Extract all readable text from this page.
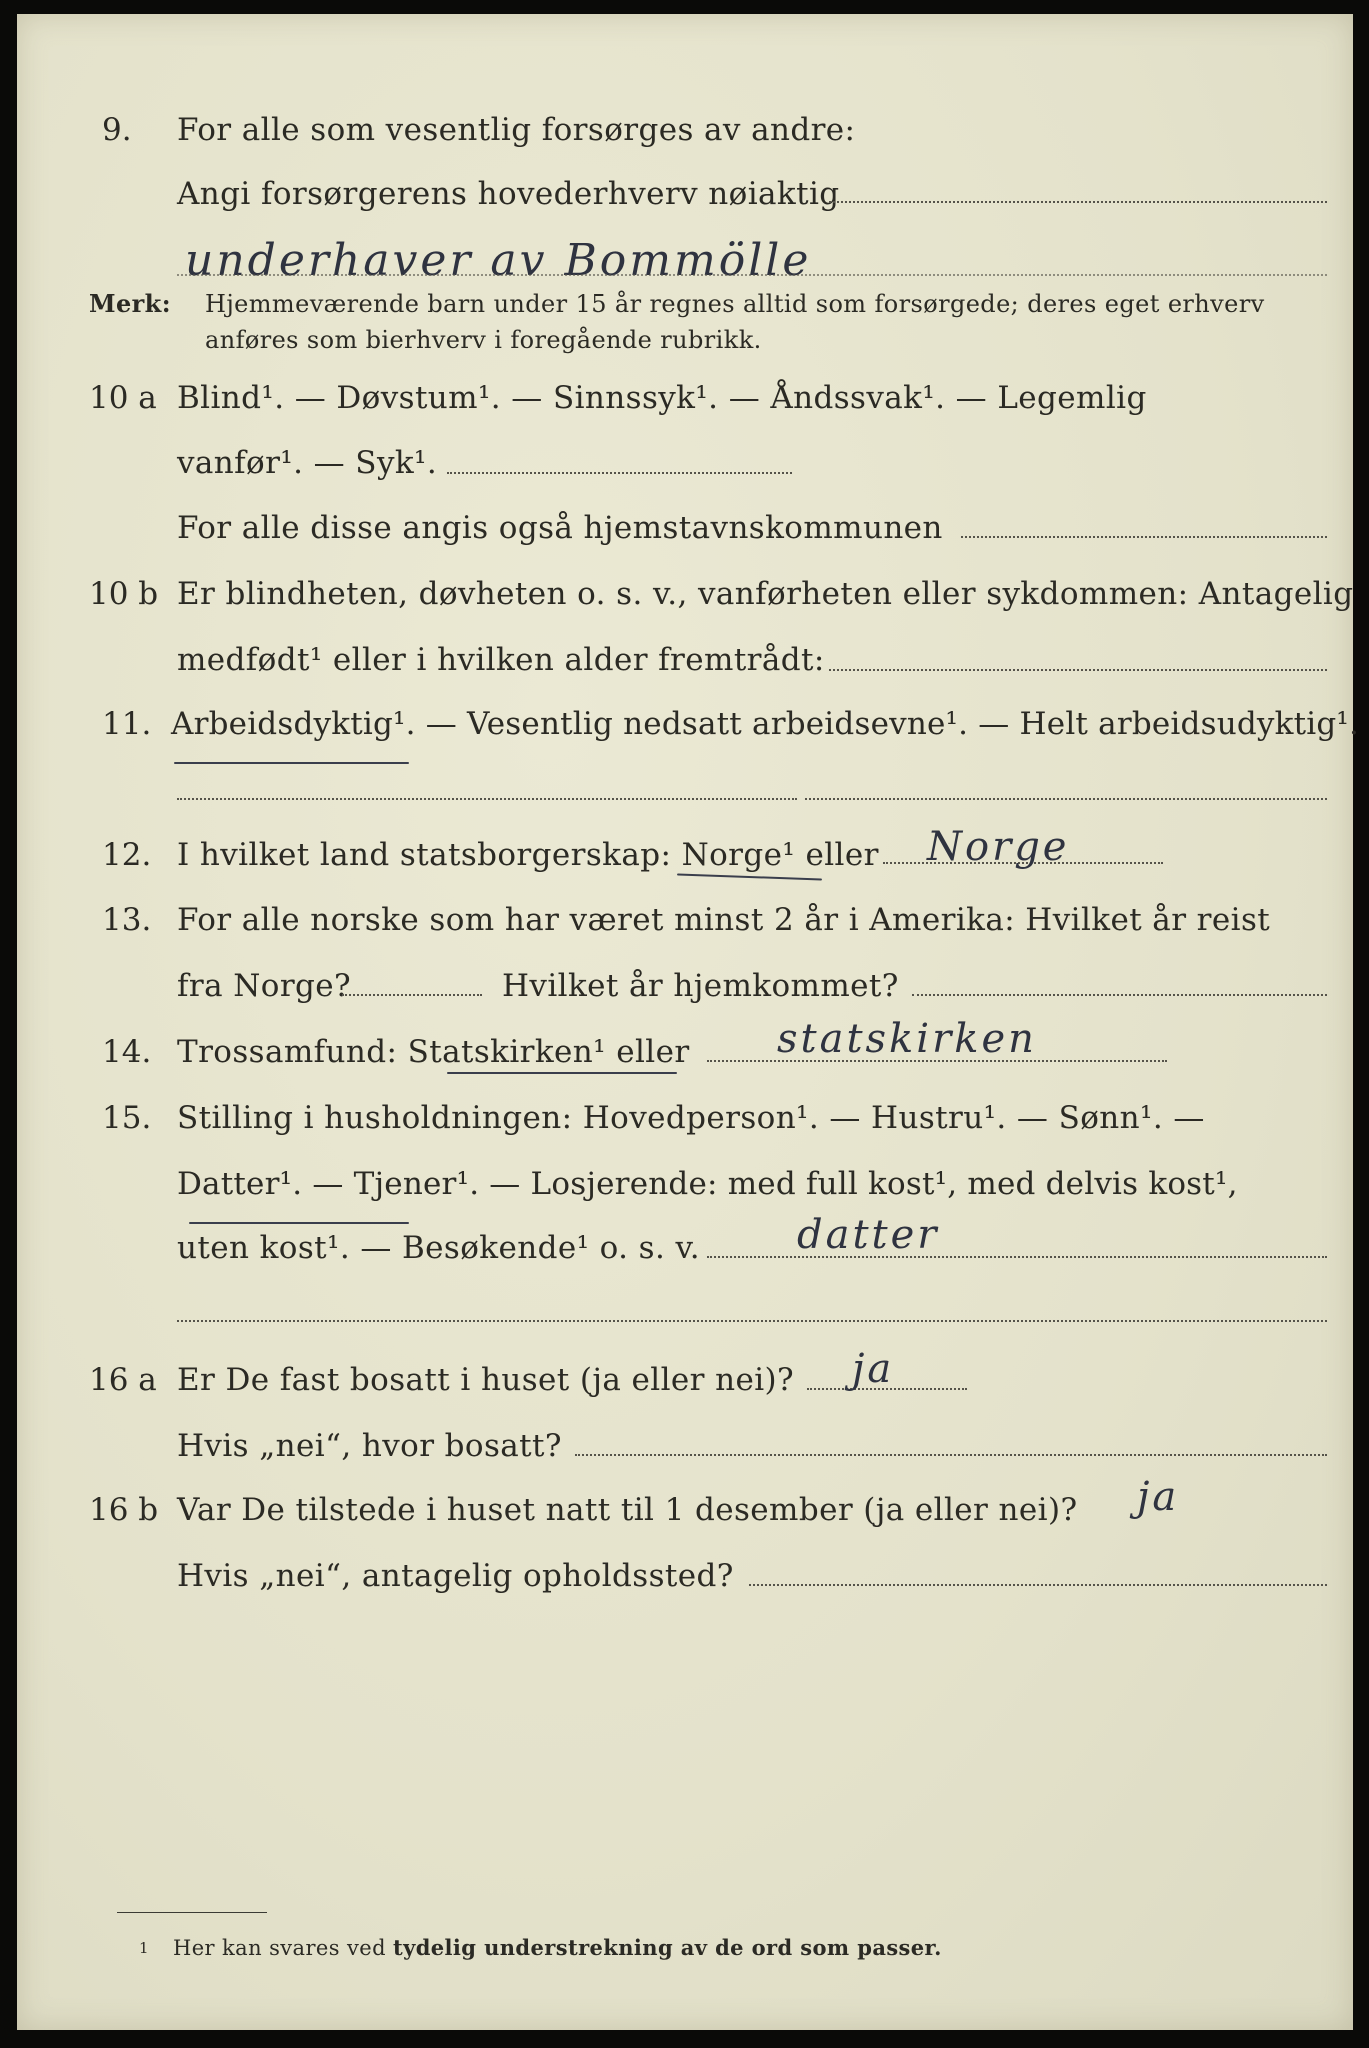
9. For alle som vesentlig forsørges av andre:
Angi forsørgerens hovederhverv nøiaktig
underhaver av Bommölle
Merk: Hjemmeværende barn under 15 år regnes alltid som forsørgede; deres eget erhverv
anføres som bierhverv i foregående rubrikk.
10 a Blind¹. — Døvstum¹. — Sinnssyk¹. — Åndssvak¹. — Legemlig
vanfør¹. — Syk¹.
For alle disse angis også hjemstavnskommunen
10 b Er blindheten, døvheten o. s. v., vanførheten eller sykdommen: Antagelig
medfødt¹ eller i hvilken alder fremtrådt:
11. Arbeidsdyktig¹. — Vesentlig nedsatt arbeidsevne¹. — Helt arbeidsudyktig¹.
12. I hvilket land statsborgerskap: Norge¹ eller Norge
13. For alle norske som har været minst 2 år i Amerika: Hvilket år reist
fra Norge?	Hvilket år hjemkommet?
14. Trossamfund: Statskirken¹ eller statskirken
15. Stilling i husholdningen: Hovedperson¹. — Hustru¹. — Sønn¹. —
Datter¹. — Tjener¹. — Losjerende: med full kost¹, med delvis kost¹,
uten kost¹. — Besøkende¹ o. s. v. datter
16 a Er De fast bosatt i huset (ja eller nei)? ja
Hvis „nei“, hvor bosatt?
16 b Var De tilstede i huset natt til 1 desember (ja eller nei)? ja
Hvis „nei“, antagelig opholdssted?
1 Her kan svares ved tydelig understrekning av de ord som passer.
